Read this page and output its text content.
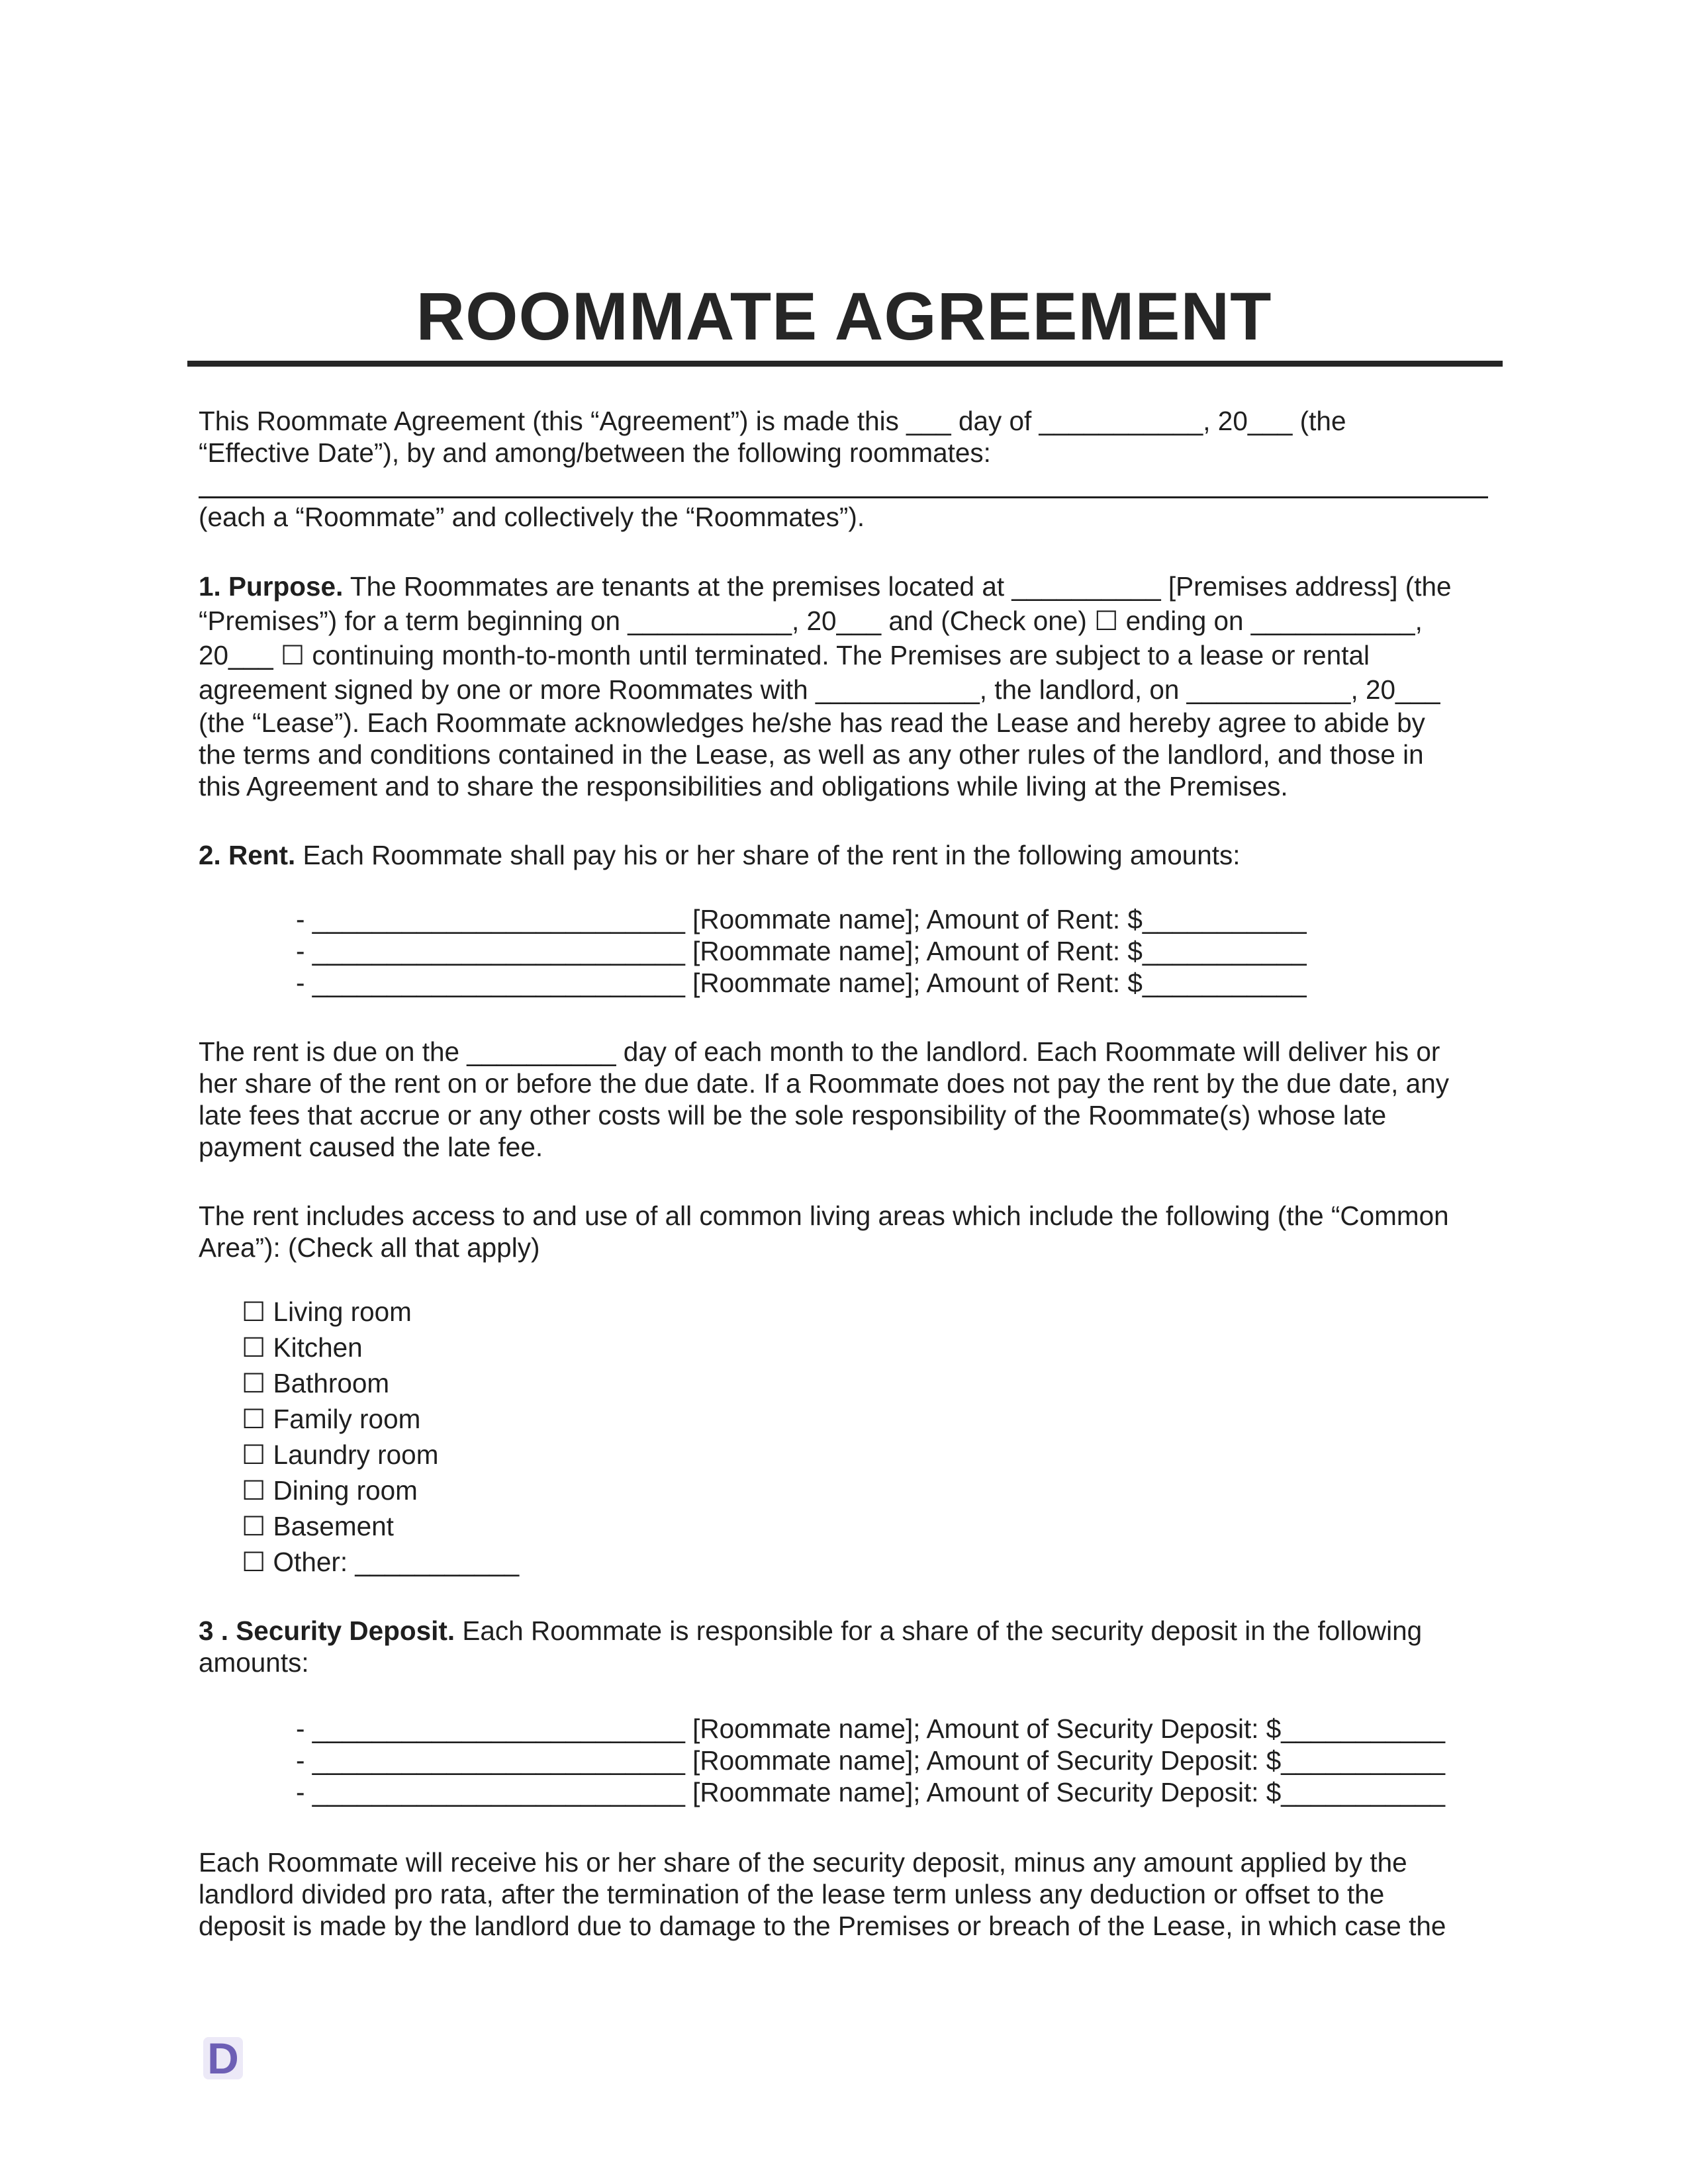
ROOMMATE AGREEMENT
This Roommate Agreement (this “Agreement”) is made this ___ day of ___________, 20___ (the
“Effective Date”), by and among/between the following roommates:
(each a “Roommate” and collectively the “Roommates”).
1. Purpose. The Roommates are tenants at the premises located at __________ [Premises address] (the
“Premises”) for a term beginning on ___________, 20___ and (Check one) ☐ ending on ___________,
20___ ☐ continuing month-to-month until terminated. The Premises are subject to a lease or rental
agreement signed by one or more Roommates with ___________, the landlord, on ___________, 20___
(the “Lease”). Each Roommate acknowledges he/she has read the Lease and hereby agree to abide by
the terms and conditions contained in the Lease, as well as any other rules of the landlord, and those in
this Agreement and to share the responsibilities and obligations while living at the Premises.
2. Rent. Each Roommate shall pay his or her share of the rent in the following amounts:
- _________________________ [Roommate name]; Amount of Rent: $___________
- _________________________ [Roommate name]; Amount of Rent: $___________
- _________________________ [Roommate name]; Amount of Rent: $___________
The rent is due on the __________ day of each month to the landlord. Each Roommate will deliver his or
her share of the rent on or before the due date. If a Roommate does not pay the rent by the due date, any
late fees that accrue or any other costs will be the sole responsibility of the Roommate(s) whose late
payment caused the late fee.
The rent includes access to and use of all common living areas which include the following (the “Common
Area”): (Check all that apply)
☐ Living room
☐ Kitchen
☐ Bathroom
☐ Family room
☐ Laundry room
☐ Dining room
☐ Basement
☐ Other: ___________
3 . Security Deposit. Each Roommate is responsible for a share of the security deposit in the following
amounts:
- _________________________ [Roommate name]; Amount of Security Deposit: $___________
- _________________________ [Roommate name]; Amount of Security Deposit: $___________
- _________________________ [Roommate name]; Amount of Security Deposit: $___________
Each Roommate will receive his or her share of the security deposit, minus any amount applied by the
landlord divided pro rata, after the termination of the lease term unless any deduction or offset to the
deposit is made by the landlord due to damage to the Premises or breach of the Lease, in which case the
D
